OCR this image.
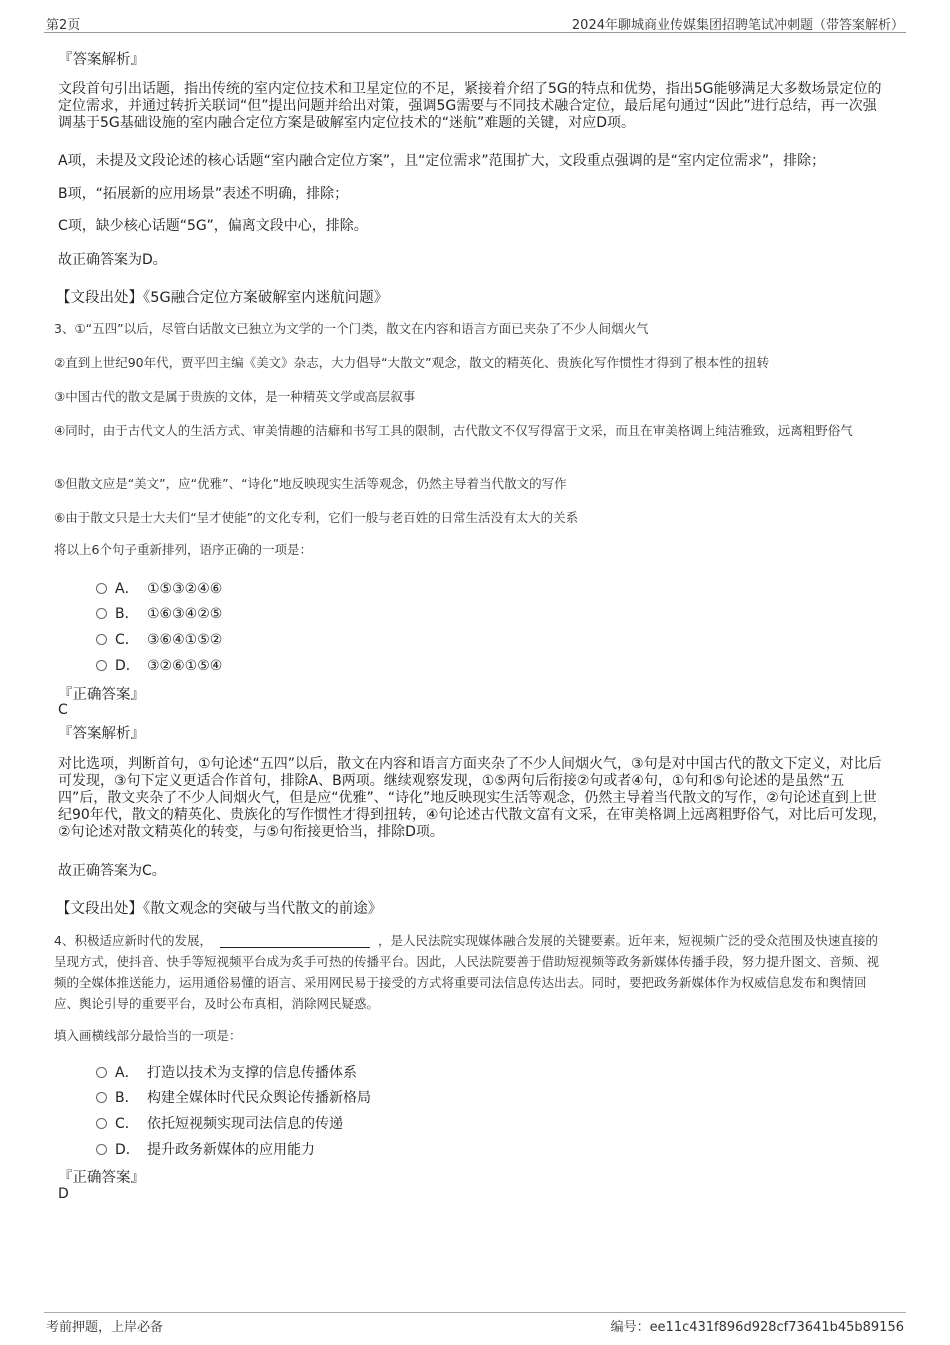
第2页	2024年聊城商业传媒集团招聘笔试冲刺题（带答案解析）
『答案解析』
文段首句引出话题，指出传统的室内定位技术和卫星定位的不足，紧接着介绍了5G的特点和优势，指出5G能够满足大多数场景定位的定位需求，并通过转折关联词“但”提出问题并给出对策，强调5G需要与不同技术融合定位，最后尾句通过“因此”进行总结，再一次强调基于5G基础设施的室内融合定位方案是破解室内定位技术的“迷航”难题的关键，对应D项。
A项，未提及文段论述的核心话题“室内融合定位方案”，且“定位需求”范围扩大，文段重点强调的是“室内定位需求”，排除；
B项，“拓展新的应用场景”表述不明确，排除；
C项，缺少核心话题“5G”，偏离文段中心，排除。
故正确答案为D。
【文段出处】《5G融合定位方案破解室内迷航问题》
3、①“五四”以后，尽管白话散文已独立为文学的一个门类，散文在内容和语言方面已夹杂了不少人间烟火气
②直到上世纪90年代，贾平凹主编《美文》杂志，大力倡导“大散文”观念，散文的精英化、贵族化写作惯性才得到了根本性的扭转
③中国古代的散文是属于贵族的文体，是一种精英文学或高层叙事
④同时，由于古代文人的生活方式、审美情趣的洁癖和书写工具的限制，古代散文不仅写得富于文采，而且在审美格调上纯洁雅致，远离粗野俗气
⑤但散文应是“美文”，应“优雅”、“诗化”地反映现实生活等观念，仍然主导着当代散文的写作
⑥由于散文只是士大夫们“呈才使能”的文化专利，它们一般与老百姓的日常生活没有太大的关系
将以上6个句子重新排列，语序正确的一项是：
A． ①⑤③②④⑥
B． ①⑥③④②⑤
C． ③⑥④①⑤②
D． ③②⑥①⑤④
『正确答案』
C
『答案解析』
对比选项，判断首句，①句论述“五四”以后，散文在内容和语言方面夹杂了不少人间烟火气，③句是对中国古代的散文下定义，对比后可发现，③句下定义更适合作首句，排除A、B两项。继续观察发现，①⑤两句后衔接②句或者④句，①句和⑤句论述的是虽然“五四”后，散文夹杂了不少人间烟火气，但是应“优雅”、“诗化”地反映现实生活等观念，仍然主导着当代散文的写作，②句论述直到上世纪90年代，散文的精英化、贵族化的写作惯性才得到扭转，④句论述古代散文富有文采，在审美格调上远离粗野俗气，对比后可发现，②句论述对散文精英化的转变，与⑤句衔接更恰当，排除D项。
故正确答案为C。
【文段出处】《散文观念的突破与当代散文的前途》
4、积极适应新时代的发展，	，是人民法院实现媒体融合发展的关键要素。近年来，短视频广泛的受众范围及快速直接的呈现方式，使抖音、快手等短视频平台成为炙手可热的传播平台。因此，人民法院要善于借助短视频等政务新媒体传播手段，努力提升图文、音频、视频的全媒体推送能力，运用通俗易懂的语言、采用网民易于接受的方式将重要司法信息传达出去。同时，要把政务新媒体作为权威信息发布和舆情回应、舆论引导的重要平台，及时公布真相，消除网民疑惑。
填入画横线部分最恰当的一项是：
A． 打造以技术为支撑的信息传播体系
B． 构建全媒体时代民众舆论传播新格局
C． 依托短视频实现司法信息的传递
D． 提升政务新媒体的应用能力
『正确答案』
D
考前押题，上岸必备	编号：ee11c431f896d928cf73641b45b89156
